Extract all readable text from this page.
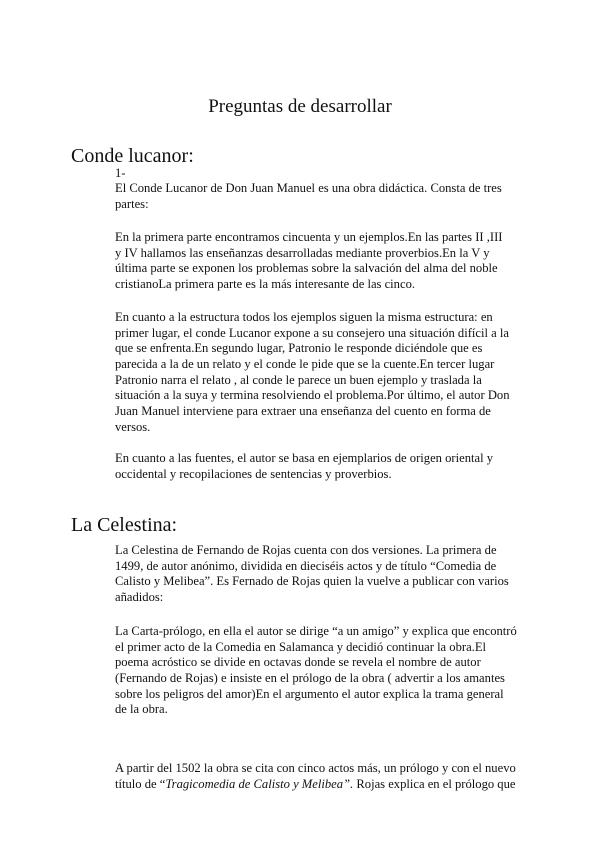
Preguntas de desarrollar
Conde lucanor:
1-
El Conde Lucanor de Don Juan Manuel es una obra didáctica. Consta de tres
partes:
En la primera parte encontramos cincuenta y un ejemplos.En las partes II ,III
y IV hallamos las enseñanzas desarrolladas mediante proverbios.En la V y
última parte se exponen los problemas sobre la salvación del alma del noble
cristianoLa primera parte es la más interesante de las cinco.
En cuanto a la estructura todos los ejemplos siguen la misma estructura: en
primer lugar, el conde Lucanor expone a su consejero una situación difícil a la
que se enfrenta.En segundo lugar, Patronio le responde diciéndole que es
parecida a la de un relato y el conde le pide que se la cuente.En tercer lugar
Patronio narra el relato , al conde le parece un buen ejemplo y traslada la
situación a la suya y termina resolviendo el problema.Por último, el autor Don
Juan Manuel interviene para extraer una enseñanza del cuento en forma de
versos.
En cuanto a las fuentes, el autor se basa en ejemplarios de origen oriental y
occidental y recopilaciones de sentencias y proverbios.
La Celestina:
La Celestina de Fernando de Rojas cuenta con dos versiones. La primera de
1499, de autor anónimo, dividida en dieciséis actos y de título “Comedia de
Calisto y Melibea”. Es Fernado de Rojas quien la vuelve a publicar con varios
añadidos:
La Carta-prólogo, en ella el autor se dirige “a un amigo” y explica que encontró
el primer acto de la Comedia en Salamanca y decidió continuar la obra.El
poema acróstico se divide en octavas donde se revela el nombre de autor
(Fernando de Rojas) e insiste en el prólogo de la obra ( advertir a los amantes
sobre los peligros del amor)En el argumento el autor explica la trama general
de la obra.
A partir del 1502 la obra se cita con cinco actos más, un prólogo y con el nuevo
título de “Tragicomedia de Calisto y Melibea”. Rojas explica en el prólogo que
